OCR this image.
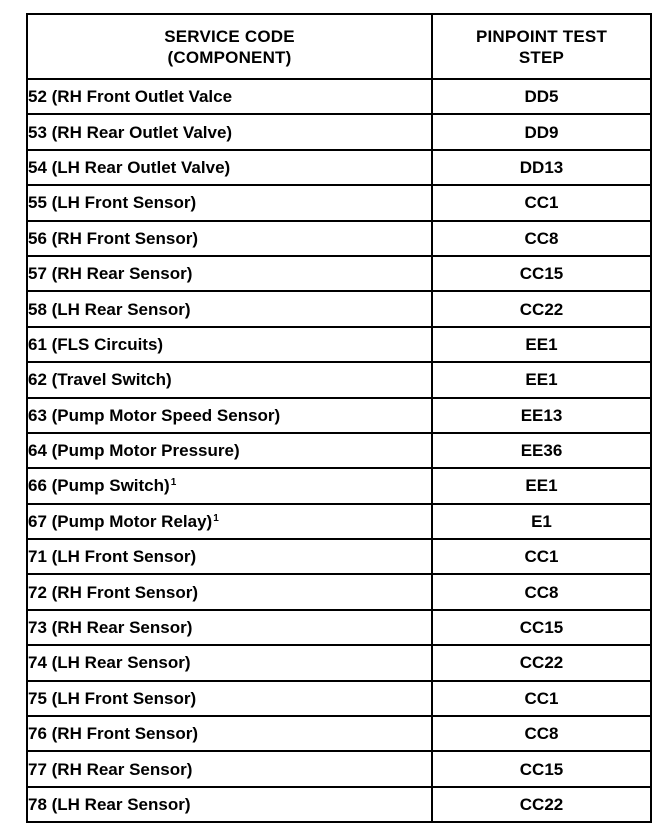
SERVICE CODE
(COMPONENT)	PINPOINT TEST
STEP

52 (RH Front Outlet Valce	DD5
53 (RH Rear Outlet Valve)	DD9
54 (LH Rear Outlet Valve)	DD13
55 (LH Front Sensor)	CC1
56 (RH Front Sensor)	CC8
57 (RH Rear Sensor)	CC15
58 (LH Rear Sensor)	CC22
61 (FLS Circuits)	EE1
62 (Travel Switch)	EE1
63 (Pump Motor Speed Sensor)	EE13
64 (Pump Motor Pressure)	EE36
66 (Pump Switch)$^1$	EE1
67 (Pump Motor Relay)$^1$	E1
71 (LH Front Sensor)	CC1
72 (RH Front Sensor)	CC8
73 (RH Rear Sensor)	CC15
74 (LH Rear Sensor)	CC22
75 (LH Front Sensor)	CC1
76 (RH Front Sensor)	CC8
77 (RH Rear Sensor)	CC15
78 (LH Rear Sensor)	CC22
